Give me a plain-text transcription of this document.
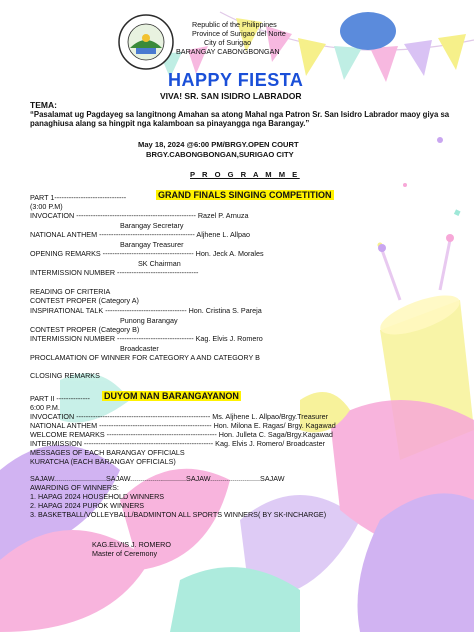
Republic of the Philippines
Province of Surigao del Norte
City of Surigao
BARANGAY CABONGBONGAN
HAPPY FIESTA
VIVA! SR. SAN ISIDRO LABRADOR
TEMA:
“Pasalamat ug Pagdayeg sa langitnong Amahan sa atong Mahal nga Patron Sr. San Isidro Labrador maoy giya sa panaghiusa alang sa hingpit nga kalamboan sa pinayangga nga Barangay.”
May 18, 2024 @6:00 PM/BRGY.OPEN COURT
BRGY.CABONGBONGAN,SURIGAO CITY
P R O G R A M M E
PART 1------------------------------	GRAND FINALS SINGING COMPETITION
(3:00 P.M)
INVOCATION -------------------------------------------------- Razel P. Arnuza
Barangay Secretary
NATIONAL ANTHEM ---------------------------------------- Aljhene L. Allpao
Barangay Treasurer
OPENING REMARKS -------------------------------------- Hon. Jeck A. Morales
SK Chairman
INTERMISSION NUMBER ----------------------------------
READING OF CRITERIA
CONTEST PROPER (Category A)
INSPIRATIONAL TALK ---------------------------------- Hon. Cristina S. Pareja
Punong Barangay
CONTEST PROPER (Category B)
INTERMISSION NUMBER -------------------------------- Kag. Elvis J. Romero
Broadcaster
PROCLAMATION OF WINNER FOR CATEGORY A AND CATEGORY B
CLOSING REMARKS
PART II -------------- DUYOM NAN BARANGAYANON
6:00 P.M.
INVOCATION -------------------------------------------------------- Ms. Aljhene L. Allpao/Brgy.Treasurer
NATIONAL ANTHEM ----------------------------------------------- Hon. Milona E. Ragas/ Brgy. Kagawad
WELCOME REMARKS ---------------------------------------------- Hon. Julleta C. Saga/Brgy.Kagawad
INTERMISSION ------------------------------------------------------ Kag. Elvis J. Romero/ Broadcaster
MESSAGES OF EACH BARANGAY OFFICIALS
KURATCHA (EACH BARANGAY OFFICIALS)
SAJAW..........................SAJAW............................SAJAW.........................SAJAW
AWARDING OF WINNERS:
1. HAPAG 2024 HOUSEHOLD WINNERS
2. HAPAG 2024 PUROK WINNERS
3. BASKETBALL/VOLLEYBALL/BADMINTON ALL SPORTS WINNERS( BY SK-INCHARGE)
KAG.ELVIS J. ROMERO
Master of Ceremony
